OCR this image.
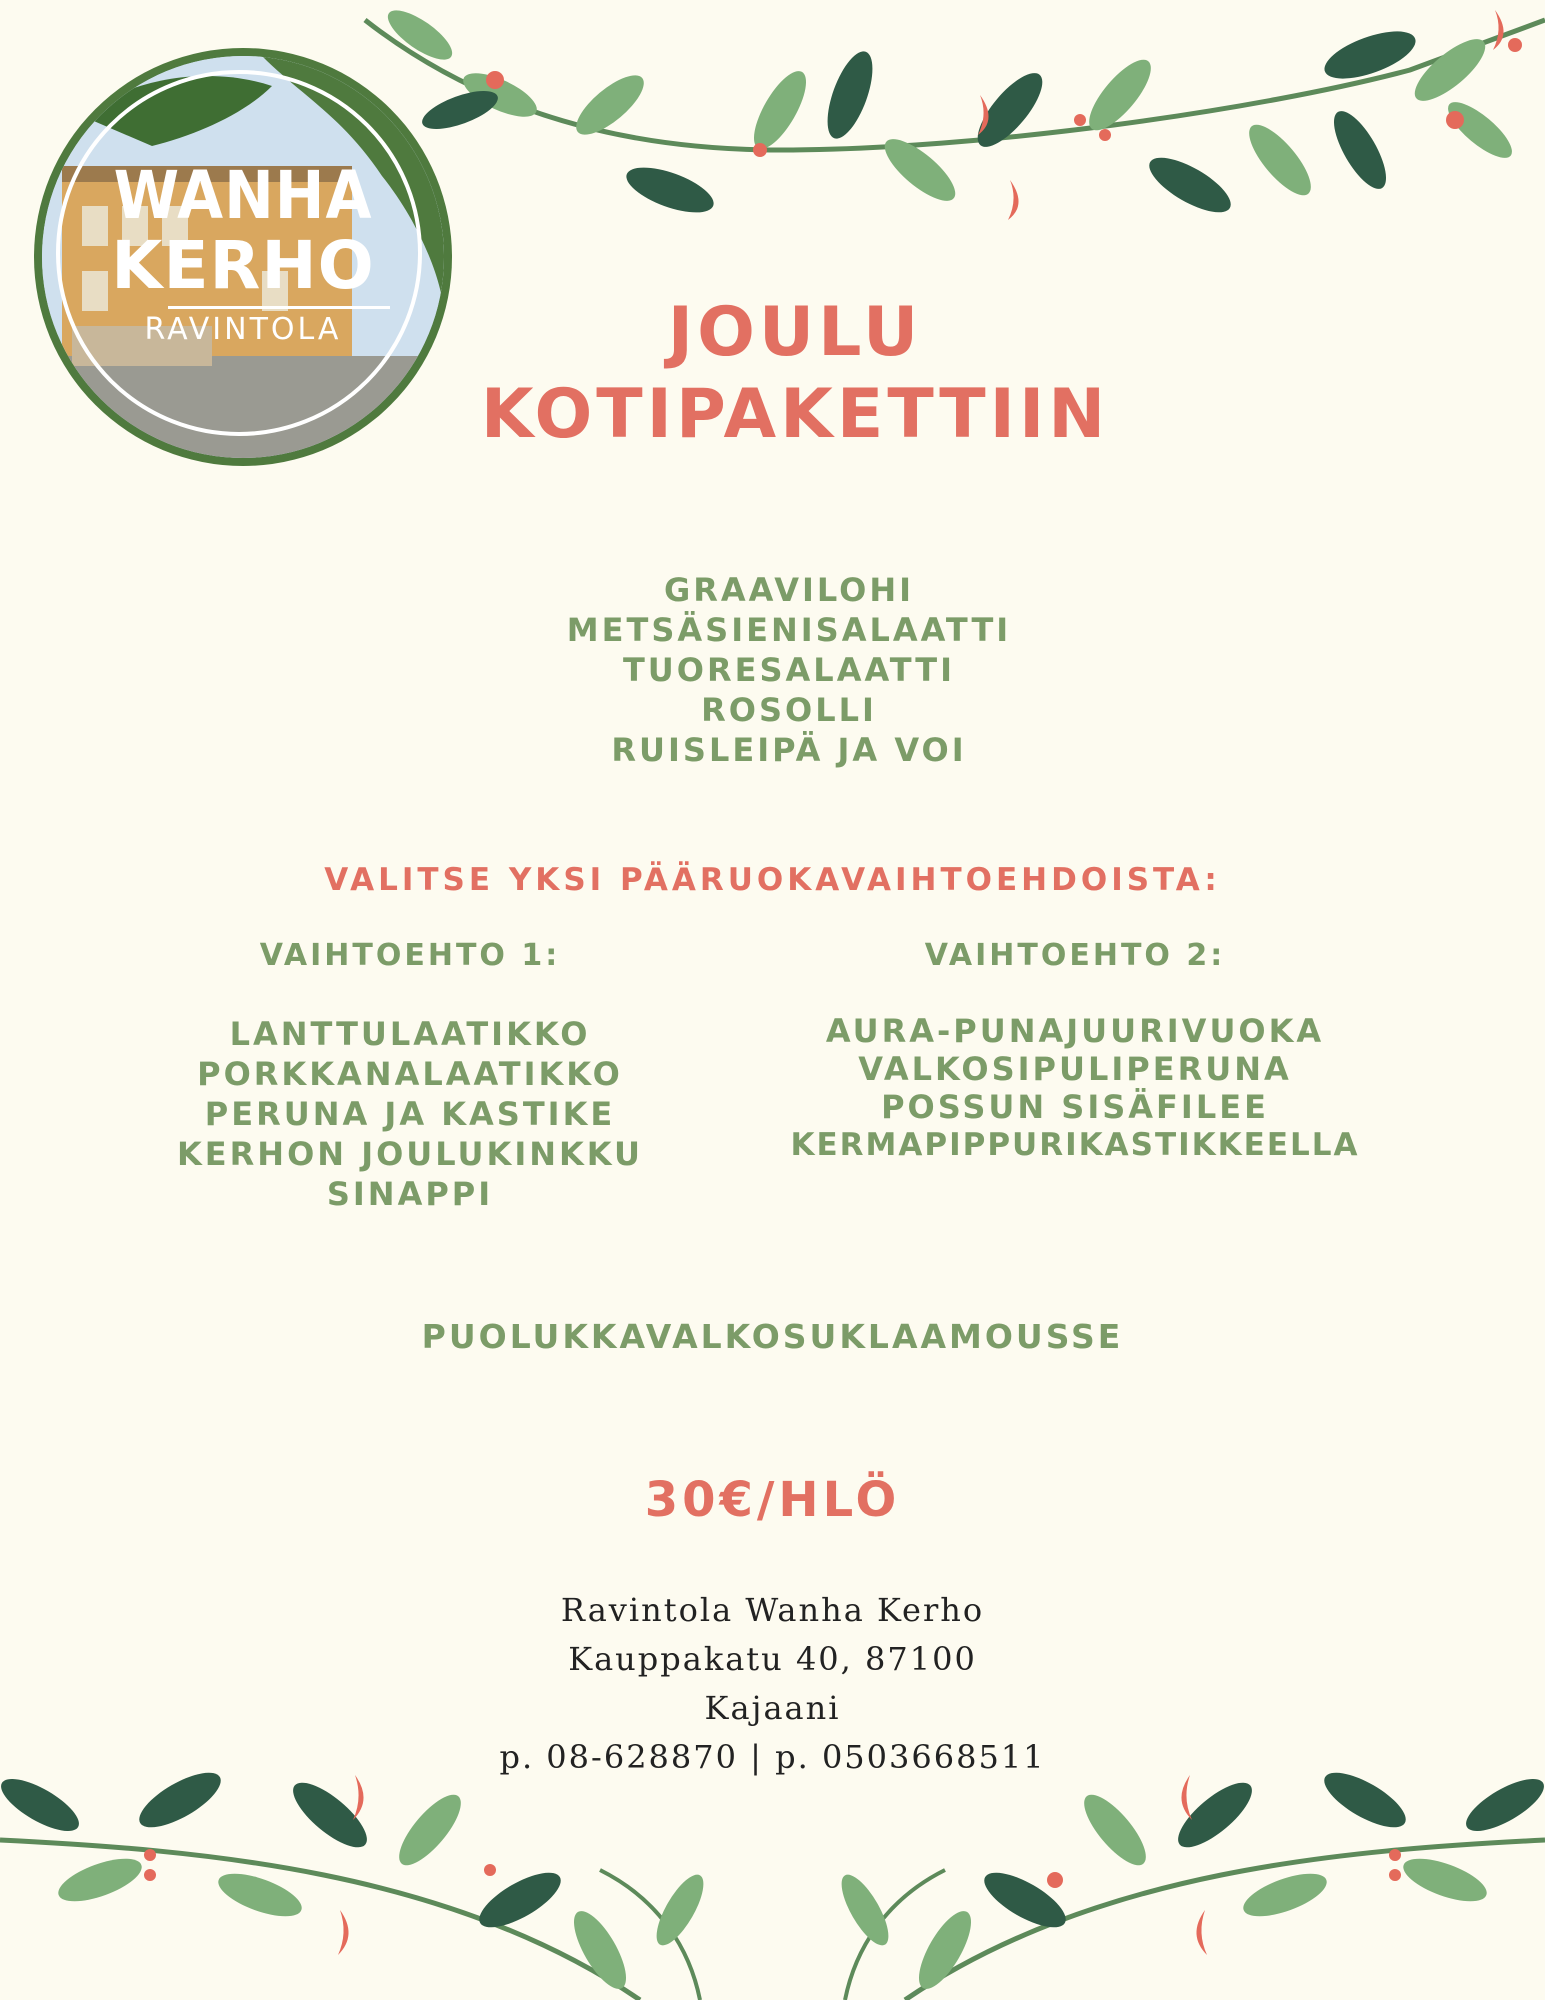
WANHA
KERHO
RAVINTOLA	JOULU
KOTIPAKETTIIN
GRAAVILOHI
METSÄSIENISALAATTI
TUORESALAATTI
ROSOLLI
RUISLEIPÄ JA VOI
VALITSE YKSI PÄÄRUOKAVAIHTOEHDOISTA:
VAIHTOEHTO 1:
LANTTULAATIKKO
PORKKANALAATIKKO
PERUNA JA KASTIKE
KERHON JOULUKINKKU
SINAPPI
VAIHTOEHTO 2:
AURA-PUNAJUURIVUOKA
VALKOSIPULIPERUNA
POSSUN SISÄFILEE
KERMAPIPPURIKASTIKKEELLA
PUOLUKKAVALKOSUKLAAMOUSSE
30€/HLÖ
Ravintola Wanha Kerho
Kauppakatu 40, 87100
Kajaani
p. 08-628870 | p. 0503668511
